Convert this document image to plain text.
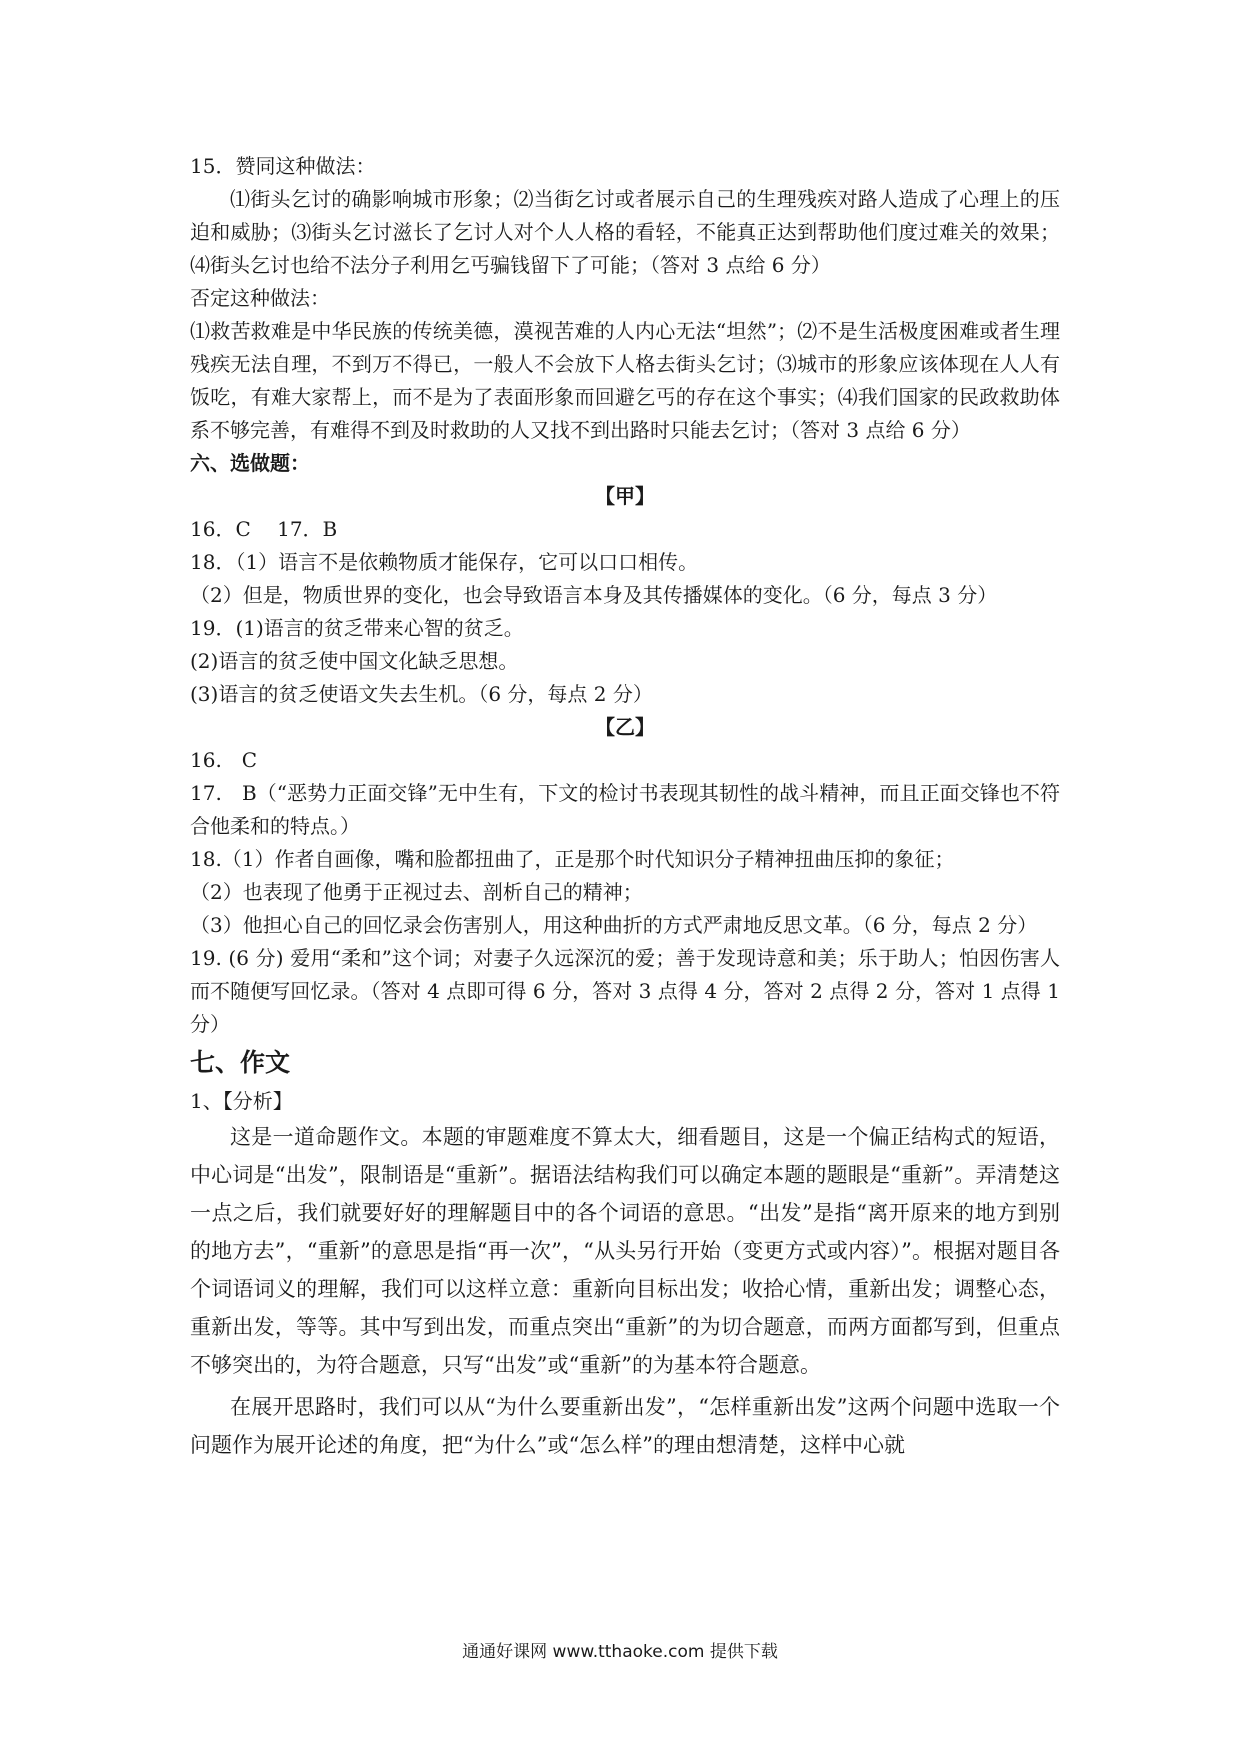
15．赞同这种做法：

⑴街头乞讨的确影响城市形象；⑵当街乞讨或者展示自己的生理残疾对路人造成了心理上的压迫和威胁；⑶街头乞讨滋长了乞讨人对个人人格的看轻，不能真正达到帮助他们度过难关的效果；⑷街头乞讨也给不法分子利用乞丐骗钱留下了可能；（答对 3 点给 6 分）

否定这种做法：

⑴救苦救难是中华民族的传统美德，漠视苦难的人内心无法“坦然”；⑵不是生活极度困难或者生理残疾无法自理，不到万不得已，一般人不会放下人格去街头乞讨；⑶城市的形象应该体现在人人有饭吃，有难大家帮上，而不是为了表面形象而回避乞丐的存在这个事实；⑷我们国家的民政救助体系不够完善，有难得不到及时救助的人又找不到出路时只能去乞讨；（答对 3 点给 6 分）

六、选做题：

【甲】

16．C　 17．B

18．（1）语言不是依赖物质才能保存，它可以口口相传。

（2）但是，物质世界的变化，也会导致语言本身及其传播媒体的变化。（6 分，每点 3 分）

19．(1)语言的贫乏带来心智的贫乏。

(2)语言的贫乏使中国文化缺乏思想。

(3)语言的贫乏使语文失去生机。（6 分，每点 2 分）

【乙】

16.　C

17.　B（“恶势力正面交锋”无中生有，下文的检讨书表现其韧性的战斗精神，而且正面交锋也不符合他柔和的特点。）

18.（1）作者自画像，嘴和脸都扭曲了，正是那个时代知识分子精神扭曲压抑的象征；

（2）也表现了他勇于正视过去、剖析自己的精神；

（3）他担心自己的回忆录会伤害别人，用这种曲折的方式严肃地反思文革。（6 分，每点 2 分）

19. (6 分) 爱用“柔和”这个词；对妻子久远深沉的爱；善于发现诗意和美；乐于助人；怕因伤害人而不随便写回忆录。（答对 4 点即可得 6 分，答对 3 点得 4 分，答对 2 点得 2 分，答对 1 点得 1 分）

七、作文

1、【分析】

这是一道命题作文。本题的审题难度不算太大，细看题目，这是一个偏正结构式的短语，中心词是“出发”，限制语是“重新”。据语法结构我们可以确定本题的题眼是“重新”。弄清楚这一点之后，我们就要好好的理解题目中的各个词语的意思。“出发”是指“离开原来的地方到别的地方去”，“重新”的意思是指“再一次”，“从头另行开始（变更方式或内容）”。根据对题目各个词语词义的理解，我们可以这样立意：重新向目标出发；收拾心情，重新出发；调整心态，重新出发，等等。其中写到出发，而重点突出“重新”的为切合题意，而两方面都写到，但重点不够突出的，为符合题意，只写“出发”或“重新”的为基本符合题意。

在展开思路时，我们可以从“为什么要重新出发”，“怎样重新出发”这两个问题中选取一个问题作为展开论述的角度，把“为什么”或“怎么样”的理由想清楚，这样中心就

通通好课网 www.tthaoke.com 提供下载
